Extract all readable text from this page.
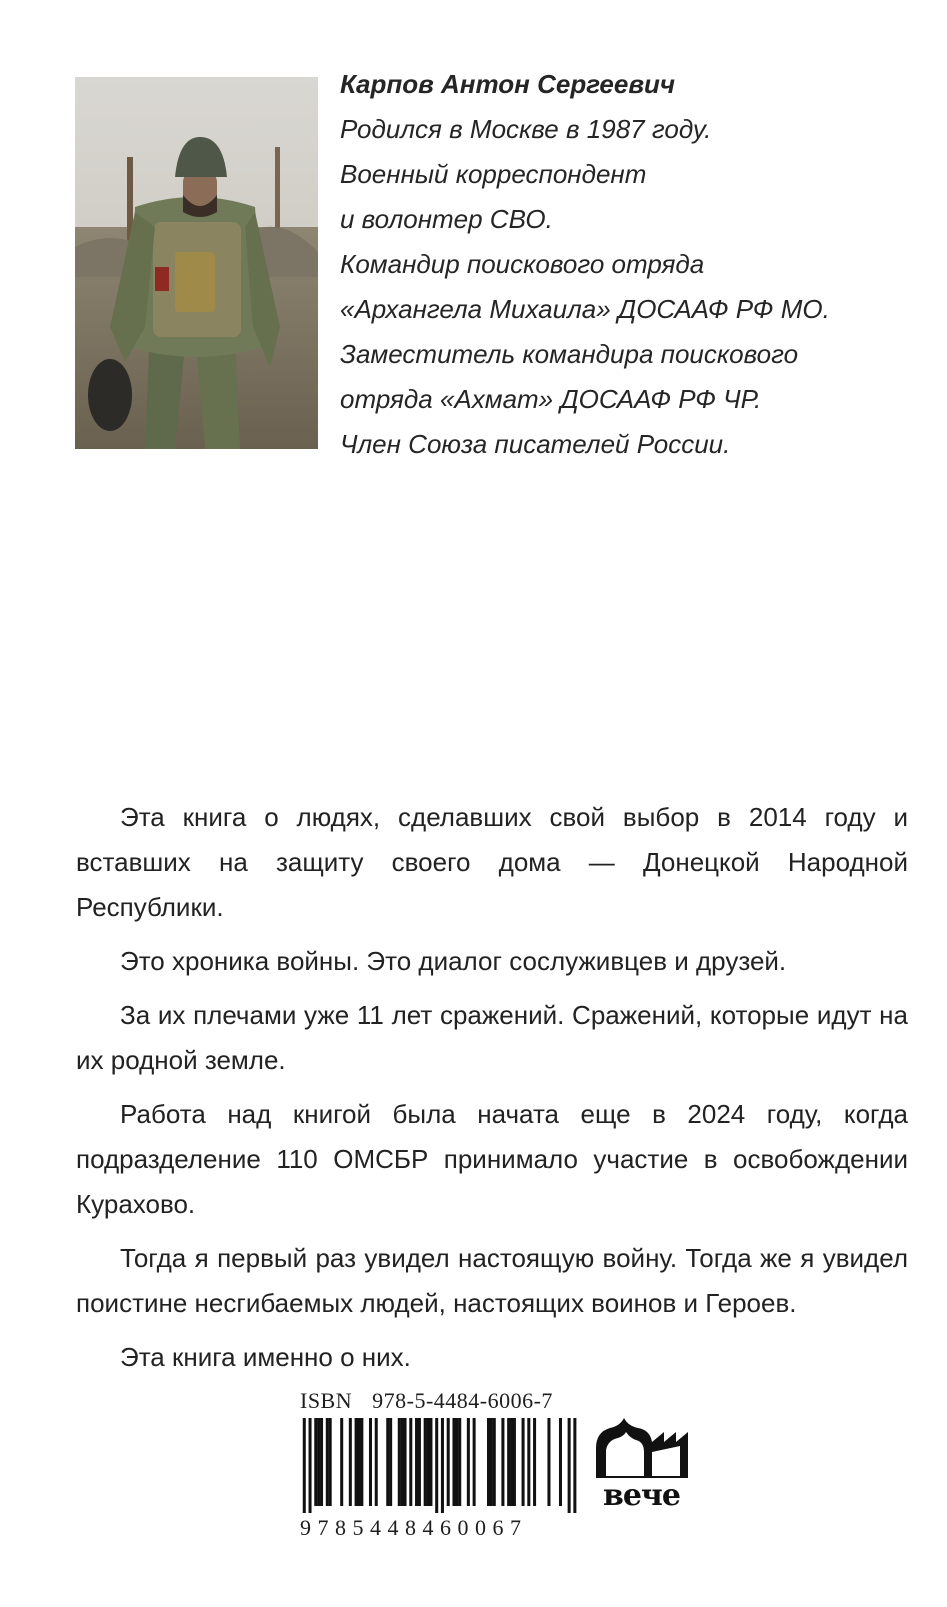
Карпов Антон Сергеевич
Родился в Москве в 1987 году.
Военный корреспондент
и волонтер СВО.
Командир поискового отряда
«Архангела Михаила» ДОСААФ РФ МО.
Заместитель командира поискового
отряда «Ахмат» ДОСААФ РФ ЧР.
Член Союза писателей России.

Эта книга о людях, сделавших свой выбор в 2014 году и вставших на защиту своего дома — Донецкой Народной Республики.

Это хроника войны. Это диалог сослуживцев и друзей.

За их плечами уже 11 лет сражений. Сражений, которые идут на их родной земле.

Работа над книгой была начата еще в 2024 году, когда подразделение 110 ОМСБР принимало участие в освобождении Курахово.

Тогда я первый раз увидел настоящую войну. Тогда же я увидел поистине несгибаемых людей, настоящих воинов и Героев.

Эта книга именно о них.

ISBN 978-5-4484-6006-7
9785448460067
вече
